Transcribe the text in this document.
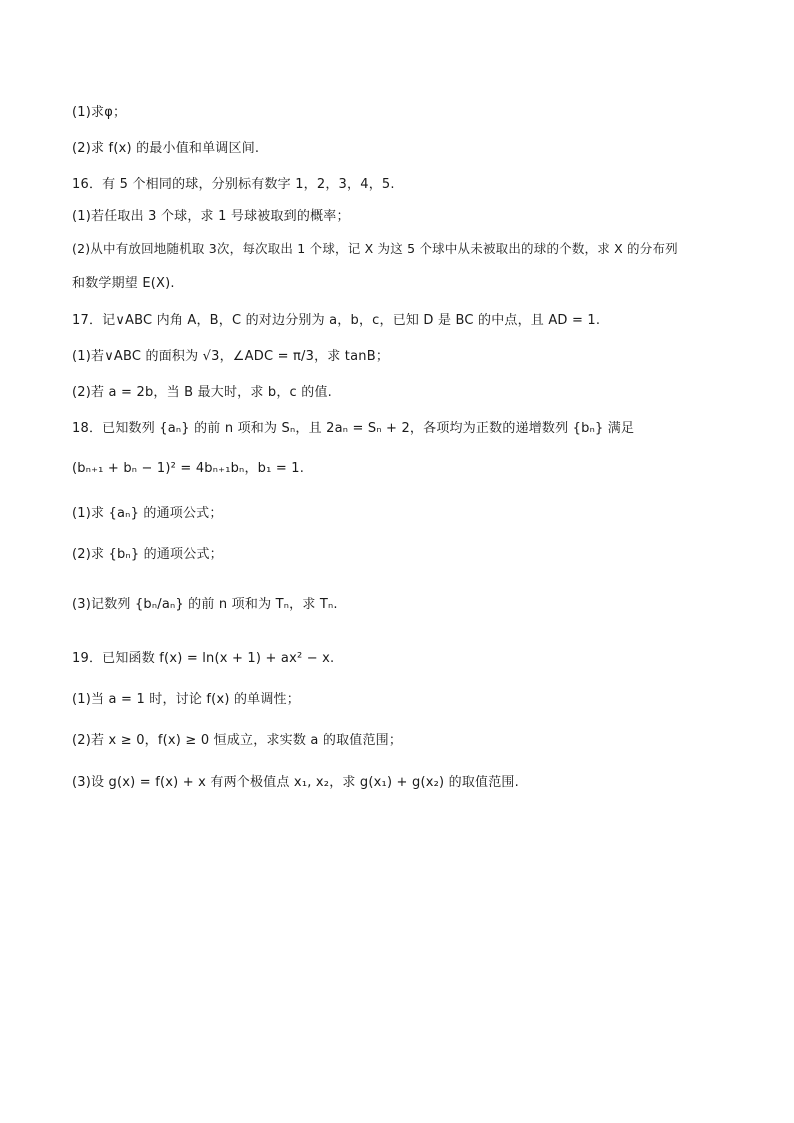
(1)求φ；
(2)求 f(x) 的最小值和单调区间.
16．有 5 个相同的球，分别标有数字 1，2，3，4，5.
(1)若任取出 3 个球，求 1 号球被取到的概率；
(2)从中有放回地随机取 3次，每次取出 1 个球，记 X 为这 5 个球中从未被取出的球的个数，求 X 的分布列
和数学期望 E(X).
17．记∨ABC 内角 A，B，C 的对边分别为 a，b，c，已知 D 是 BC 的中点，且 AD = 1.
(1)若∨ABC 的面积为 √3，∠ADC = π/3，求 tanB；
(2)若 a = 2b，当 B 最大时，求 b，c 的值.
18．已知数列 {aₙ} 的前 n 项和为 Sₙ，且 2aₙ = Sₙ + 2，各项均为正数的递增数列 {bₙ} 满足
(bₙ₊₁ + bₙ − 1)² = 4bₙ₊₁bₙ，b₁ = 1.
(1)求 {aₙ} 的通项公式；
(2)求 {bₙ} 的通项公式；
(3)记数列 {bₙ/aₙ} 的前 n 项和为 Tₙ，求 Tₙ.
19．已知函数 f(x) = ln(x + 1) + ax² − x.
(1)当 a = 1 时，讨论 f(x) 的单调性；
(2)若 x ≥ 0，f(x) ≥ 0 恒成立，求实数 a 的取值范围；
(3)设 g(x) = f(x) + x 有两个极值点 x₁, x₂，求 g(x₁) + g(x₂) 的取值范围.
